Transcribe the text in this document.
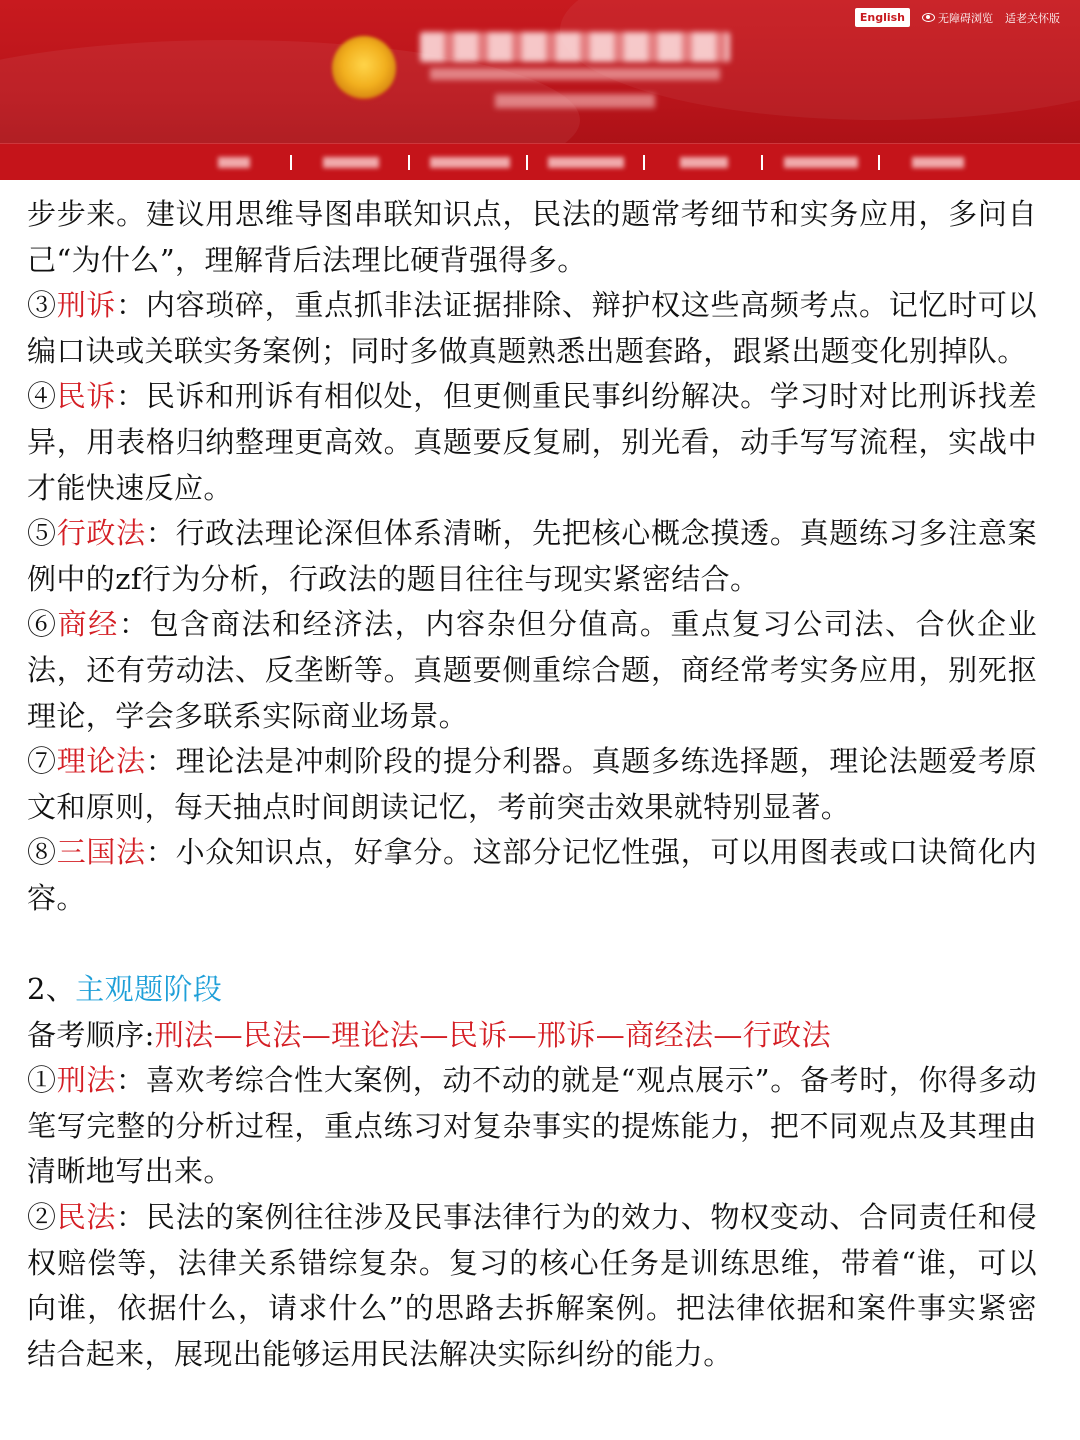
English	无障碍浏览 适老关怀版

步步来。建议用思维导图串联知识点，民法的题常考细节和实务应用，多问自己“为什么”，理解背后法理比硬背强得多。

③刑诉：内容琐碎，重点抓非法证据排除、辩护权这些高频考点。记忆时可以编口诀或关联实务案例；同时多做真题熟悉出题套路，跟紧出题变化别掉队。

④民诉：民诉和刑诉有相似处，但更侧重民事纠纷解决。学习时对比刑诉找差异，用表格归纳整理更高效。真题要反复刷，别光看，动手写写流程，实战中才能快速反应。

⑤行政法：行政法理论深但体系清晰，先把核心概念摸透。真题练习多注意案例中的zf行为分析，行政法的题目往往与现实紧密结合。

⑥商经：包含商法和经济法，内容杂但分值高。重点复习公司法、合伙企业法，还有劳动法、反垄断等。真题要侧重综合题，商经常考实务应用，别死抠理论，学会多联系实际商业场景。

⑦理论法：理论法是冲刺阶段的提分利器。真题多练选择题，理论法题爱考原文和原则，每天抽点时间朗读记忆，考前突击效果就特别显著。

⑧三国法：小众知识点，好拿分。这部分记忆性强，可以用图表或口诀简化内容。

2、主观题阶段

备考顺序:刑法—民法—理论法—民诉—邢诉—商经法—行政法

①刑法：喜欢考综合性大案例，动不动的就是“观点展示”。备考时，你得多动笔写完整的分析过程，重点练习对复杂事实的提炼能力，把不同观点及其理由清晰地写出来。

②民法：民法的案例往往涉及民事法律行为的效力、物权变动、合同责任和侵权赔偿等，法律关系错综复杂。复习的核心任务是训练思维，带着“谁，可以向谁，依据什么，请求什么”的思路去拆解案例。把法律依据和案件事实紧密结合起来，展现出能够运用民法解决实际纠纷的能力。
